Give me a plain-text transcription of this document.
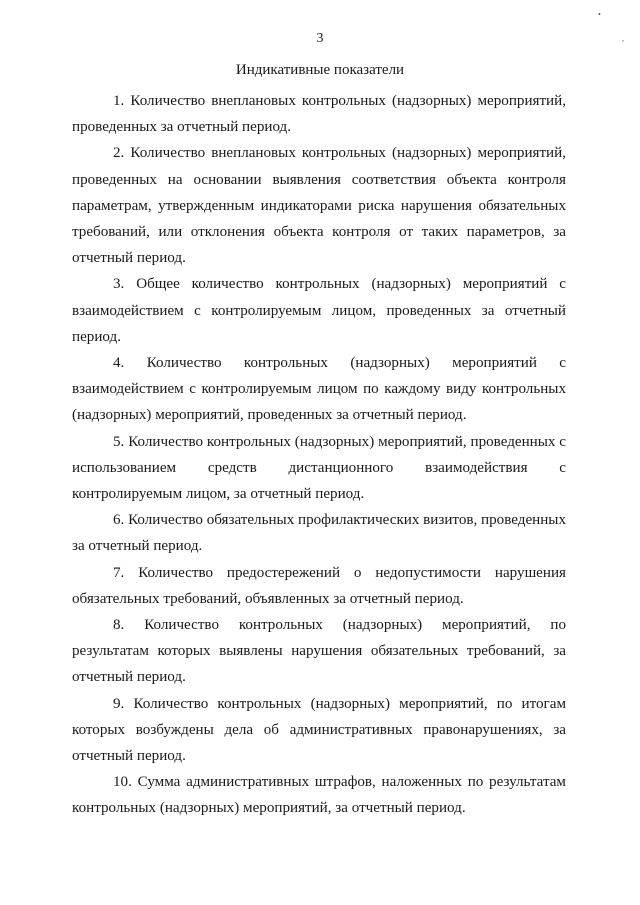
3
Индикативные показатели

1. Количество внеплановых контрольных (надзорных) мероприятий, проведенных за отчетный период.

2. Количество внеплановых контрольных (надзорных) мероприятий, проведенных на основании выявления соответствия объекта контроля параметрам, утвержденным индикаторами риска нарушения обязательных требований, или отклонения объекта контроля от таких параметров, за отчетный период.

3. Общее количество контрольных (надзорных) мероприятий с взаимодействием с контролируемым лицом, проведенных за отчетный период.

4. Количество контрольных (надзорных) мероприятий с взаимодействием с контролируемым лицом по каждому виду контрольных (надзорных) мероприятий, проведенных за отчетный период.

5. Количество контрольных (надзорных) мероприятий, проведенных с использованием средств дистанционного взаимодействия с контролируемым лицом, за отчетный период.

6. Количество обязательных профилактических визитов, проведенных за отчетный период.

7. Количество предостережений о недопустимости нарушения обязательных требований, объявленных за отчетный период.

8. Количество контрольных (надзорных) мероприятий, по результатам которых выявлены нарушения обязательных требований, за отчетный период.

9. Количество контрольных (надзорных) мероприятий, по итогам которых возбуждены дела об административных правонарушениях, за отчетный период.

10. Сумма административных штрафов, наложенных по результатам контрольных (надзорных) мероприятий, за отчетный период.

•
,
